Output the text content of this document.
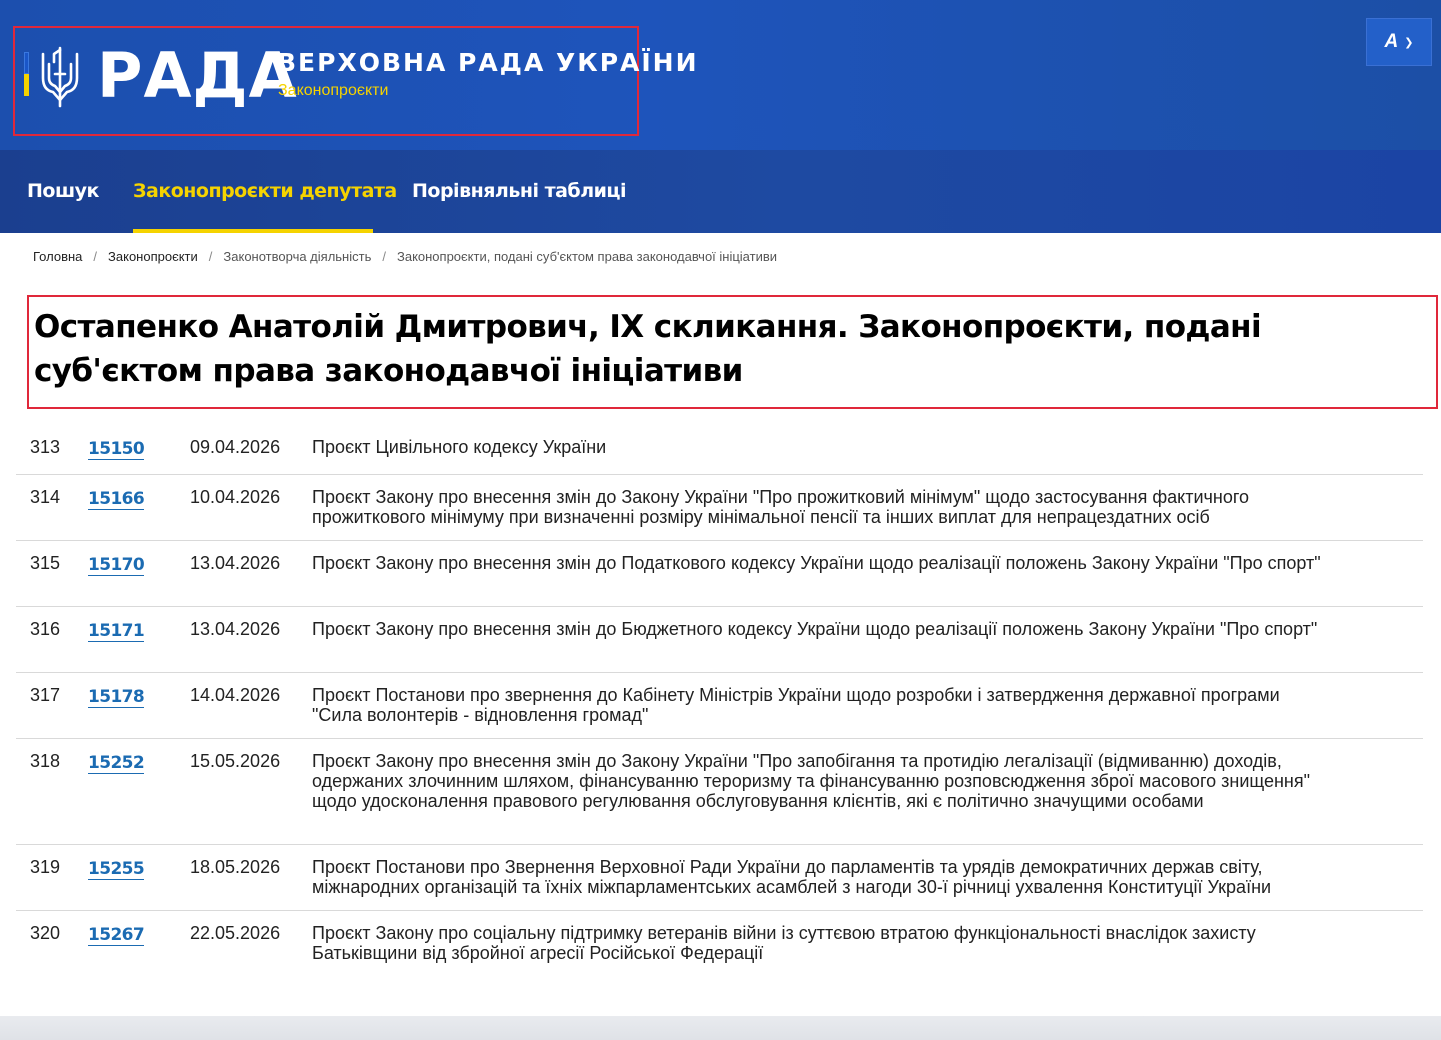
РАДА
ВЕРХОВНА РАДА УКРАЇНИ
Законопроєкти
A ❯
Пошук Законопроєкти депутата Порівняльні таблиці
Головна / Законопроєкти / Законотворча діяльність / Законопроєкти, подані суб'єктом права законодавчої ініціативи
Остапенко Анатолій Дмитрович, IX скликання. Законопроєкти, подані суб'єктом права законодавчої ініціативи
313 15150	09.04.2026 Проєкт Цивільного кодексу України
314 15166	10.04.2026 Проєкт Закону про внесення змін до Закону України "Про прожитковий мінімум" щодо застосування фактичного прожиткового мінімуму при визначенні розміру мінімальної пенсії та інших виплат для непрацездатних осіб
315 15170	13.04.2026 Проєкт Закону про внесення змін до Податкового кодексу України щодо реалізації положень Закону України "Про спорт"
316 15171	13.04.2026 Проєкт Закону про внесення змін до Бюджетного кодексу України щодо реалізації положень Закону України "Про спорт"
317 15178	14.04.2026 Проєкт Постанови про звернення до Кабінету Міністрів України щодо розробки і затвердження державної програми "Сила волонтерів - відновлення громад"
318 15252	15.05.2026 Проєкт Закону про внесення змін до Закону України "Про запобігання та протидію легалізації (відмиванню) доходів, одержаних злочинним шляхом, фінансуванню тероризму та фінансуванню розповсюдження зброї масового знищення" щодо удосконалення правового регулювання обслуговування клієнтів, які є політично значущими особами
319 15255	18.05.2026 Проєкт Постанови про Звернення Верховної Ради України до парламентів та урядів демократичних держав світу, міжнародних організацій та їхніх міжпарламентських асамблей з нагоди 30-ї річниці ухвалення Конституції України
320 15267	22.05.2026 Проєкт Закону про соціальну підтримку ветеранів війни із суттєвою втратою функціональності внаслідок захисту Батьківщини від збройної агресії Російської Федерації
